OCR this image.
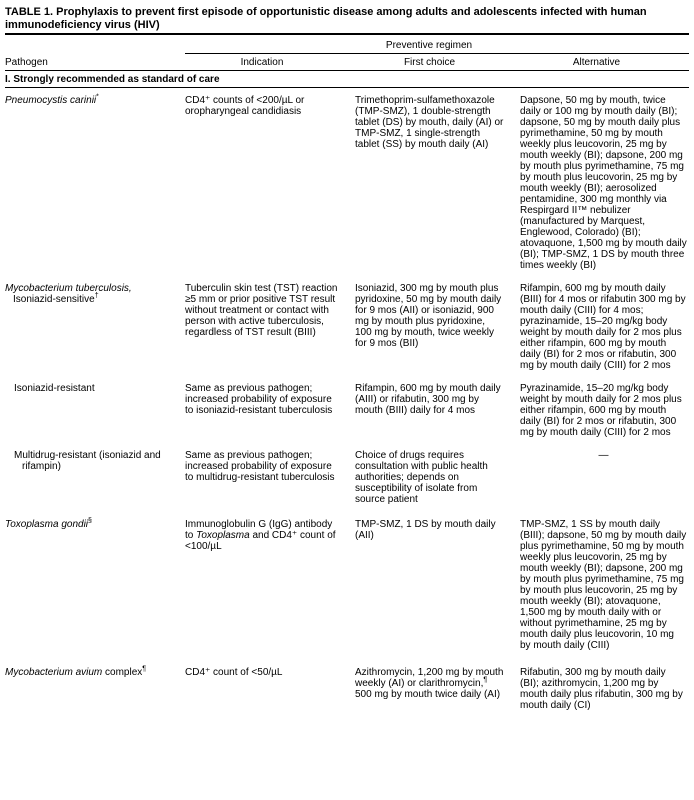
TABLE 1. Prophylaxis to prevent first episode of opportunistic disease among adults and adolescents infected with human immunodeficiency virus (HIV)
	Preventive regimen		
Pathogen	Indication	First choice	Alternative
I. Strongly recommended as standard of care			
Pneumocystis carinii*	CD4⁺ counts of <200/µL or oropharyngeal candidiasis	Trimethoprim-sulfamethoxazole (TMP-SMZ), 1 double-strength tablet (DS) by mouth, daily (AI) or TMP-SMZ, 1 single-strength tablet (SS) by mouth daily (AI)	Dapsone, 50 mg by mouth, twice daily or 100 mg by mouth daily (BI); dapsone, 50 mg by mouth daily plus pyrimethamine, 50 mg by mouth weekly plus leucovorin, 25 mg by mouth weekly (BI); dapsone, 200 mg by mouth plus pyrimethamine, 75 mg by mouth plus leucovorin, 25 mg by mouth weekly (BI); aerosolized pentamidine, 300 mg monthly via Respirgard II™ nebulizer (manufactured by Marquest, Englewood, Colorado) (BI); atovaquone, 1,500 mg by mouth daily (BI); TMP-SMZ, 1 DS by mouth three times weekly (BI)
Mycobacterium tuberculosis,
Isoniazid-sensitive†	Tuberculin skin test (TST) reaction ≥5 mm or prior positive TST result without treatment or contact with person with active tuberculosis, regardless of TST result (BIII)	Isoniazid, 300 mg by mouth plus pyridoxine, 50 mg by mouth daily for 9 mos (AII) or isoniazid, 900 mg by mouth plus pyridoxine, 100 mg by mouth, twice weekly for 9 mos (BII)	Rifampin, 600 mg by mouth daily (BIII) for 4 mos or rifabutin 300 mg by mouth daily (CIII) for 4 mos; pyrazinamide, 15–20 mg/kg body weight by mouth daily for 2 mos plus either rifampin, 600 mg by mouth daily (BI) for 2 mos or rifabutin, 300 mg by mouth daily (CIII) for 2 mos

Isoniazid-resistant	Same as previous pathogen; increased probability of exposure to isoniazid-resistant tuberculosis	Rifampin, 600 mg by mouth daily (AIII) or rifabutin, 300 mg by mouth (BIII) daily for 4 mos	Pyrazinamide, 15–20 mg/kg body weight by mouth daily for 2 mos plus either rifampin, 600 mg by mouth daily (BI) for 2 mos or rifabutin, 300 mg by mouth daily (CIII) for 2 mos

Multidrug-resistant (isoniazid and rifampin)	Same as previous pathogen; increased probability of exposure to multidrug-resistant tuberculosis	Choice of drugs requires consultation with public health authorities; depends on susceptibility of isolate from source patient	—
Toxoplasma gondii§	Immunoglobulin G (IgG) antibody to Toxoplasma and CD4⁺ count of <100/µL	TMP-SMZ, 1 DS by mouth daily (AII)	TMP-SMZ, 1 SS by mouth daily (BIII); dapsone, 50 mg by mouth daily plus pyrimethamine, 50 mg by mouth weekly plus leucovorin, 25 mg by mouth weekly (BI); dapsone, 200 mg by mouth plus pyrimethamine, 75 mg by mouth plus leucovorin, 25 mg by mouth weekly (BI); atovaquone, 1,500 mg by mouth daily with or without pyrimethamine, 25 mg by mouth daily plus leucovorin, 10 mg by mouth daily (CIII)
Mycobacterium avium complex¶	CD4⁺ count of <50/µL	Azithromycin, 1,200 mg by mouth weekly (AI) or clarithromycin,¶ 500 mg by mouth twice daily (AI)	Rifabutin, 300 mg by mouth daily (BI); azithromycin, 1,200 mg by mouth daily plus rifabutin, 300 mg by mouth daily (CI)
